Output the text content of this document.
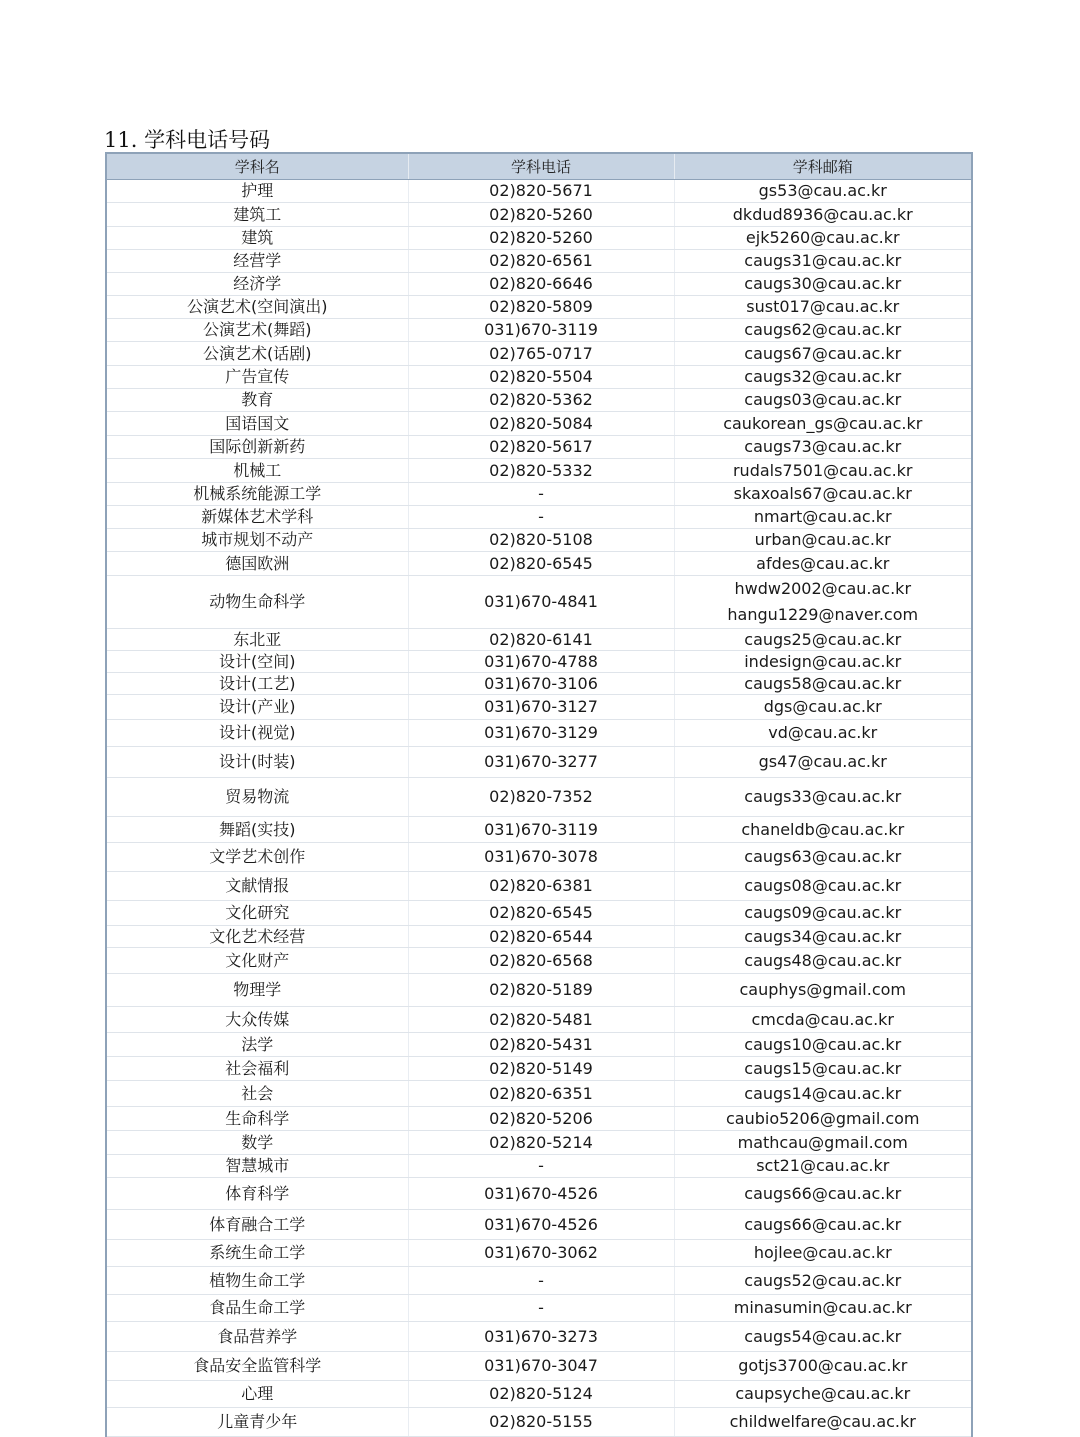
11. 学科电话号码
学科名	学科电话	学科邮箱
护理	02)820-5671	gs53@cau.ac.kr

建筑工	02)820-5260	dkdud8936@cau.ac.kr

建筑	02)820-5260	ejk5260@cau.ac.kr

经营学	02)820-6561	caugs31@cau.ac.kr

经济学	02)820-6646	caugs30@cau.ac.kr

公演艺术(空间演出)	02)820-5809	sust017@cau.ac.kr

公演艺术(舞蹈)	031)670-3119	caugs62@cau.ac.kr

公演艺术(话剧)	02)765-0717	caugs67@cau.ac.kr

广告宣传	02)820-5504	caugs32@cau.ac.kr

教育	02)820-5362	caugs03@cau.ac.kr

国语国文	02)820-5084	caukorean_gs@cau.ac.kr

国际创新新药	02)820-5617	caugs73@cau.ac.kr

机械工	02)820-5332	rudals7501@cau.ac.kr

机械系统能源工学	-	skaxoals67@cau.ac.kr

新媒体艺术学科	-	nmart@cau.ac.kr

城市规划不动产	02)820-5108	urban@cau.ac.kr

德国欧洲	02)820-6545	afdes@cau.ac.kr

动物生命科学	031)670-4841	hwdw2002@cau.ac.kr
hangu1229@naver.com

东北亚	02)820-6141	caugs25@cau.ac.kr

设计(空间)	031)670-4788	indesign@cau.ac.kr

设计(工艺)	031)670-3106	caugs58@cau.ac.kr

设计(产业)	031)670-3127	dgs@cau.ac.kr

设计(视觉)	031)670-3129	vd@cau.ac.kr

设计(时装)	031)670-3277	gs47@cau.ac.kr

贸易物流	02)820-7352	caugs33@cau.ac.kr

舞蹈(实技)	031)670-3119	chaneldb@cau.ac.kr

文学艺术创作	031)670-3078	caugs63@cau.ac.kr

文献情报	02)820-6381	caugs08@cau.ac.kr

文化研究	02)820-6545	caugs09@cau.ac.kr

文化艺术经营	02)820-6544	caugs34@cau.ac.kr

文化财产	02)820-6568	caugs48@cau.ac.kr

物理学	02)820-5189	cauphys@gmail.com

大众传媒	02)820-5481	cmcda@cau.ac.kr

法学	02)820-5431	caugs10@cau.ac.kr

社会福利	02)820-5149	caugs15@cau.ac.kr

社会	02)820-6351	caugs14@cau.ac.kr

生命科学	02)820-5206	caubio5206@gmail.com

数学	02)820-5214	mathcau@gmail.com

智慧城市	-	sct21@cau.ac.kr

体育科学	031)670-4526	caugs66@cau.ac.kr

体育融合工学	031)670-4526	caugs66@cau.ac.kr

系统生命工学	031)670-3062	hojlee@cau.ac.kr

植物生命工学	-	caugs52@cau.ac.kr

食品生命工学	-	minasumin@cau.ac.kr

食品营养学	031)670-3273	caugs54@cau.ac.kr

食品安全监管科学	031)670-3047	gotjs3700@cau.ac.kr

心理	02)820-5124	caupsyche@cau.ac.kr

儿童青少年	02)820-5155	childwelfare@cau.ac.kr
